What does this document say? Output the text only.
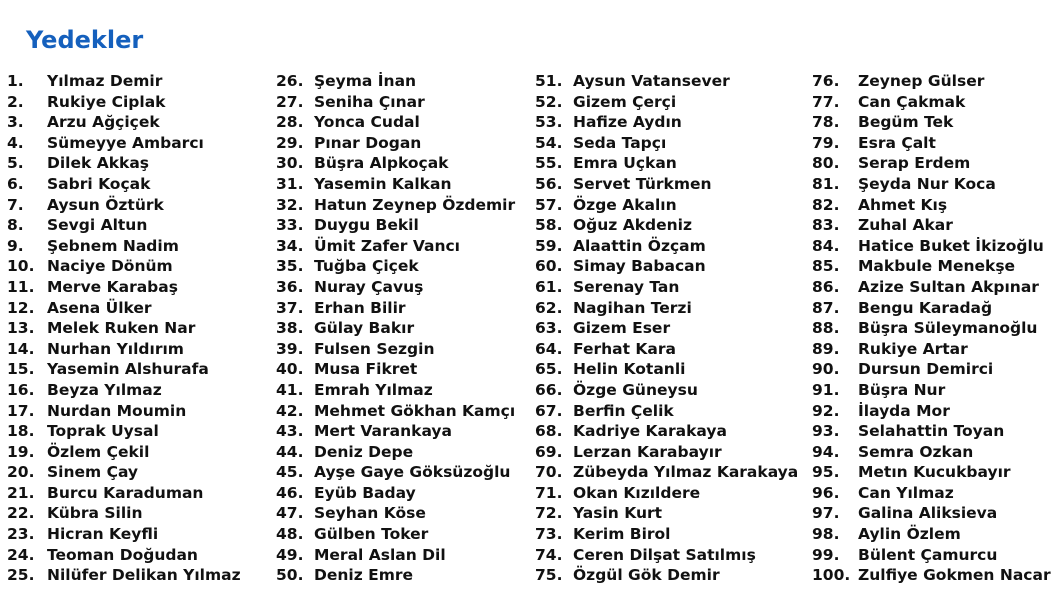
Yedekler
1.	Yılmaz Demir
2.	Rukiye Ciplak
3.	Arzu Ağçiçek
4.	Sümeyye Ambarcı
5.	Dilek Akkaş
6.	Sabri Koçak
7.	Aysun Öztürk
8.	Sevgi Altun
9.	Şebnem Nadim
10. Naciye Dönüm
11. Merve Karabaş
12. Asena Ülker
13. Melek Ruken Nar
14. Nurhan Yıldırım
15. Yasemin Alshurafa
16. Beyza Yılmaz
17. Nurdan Moumin
18. Toprak Uysal
19. Özlem Çekil
20. Sinem Çay
21. Burcu Karaduman
22. Kübra Silin
23. Hicran Keyfli
24. Teoman Doğudan
25. Nilüfer Delikan Yılmaz
26. Şeyma İnan
27. Seniha Çınar
28. Yonca Cudal
29. Pınar Dogan
30. Büşra Alpkoçak
31. Yasemin Kalkan
32. Hatun Zeynep Özdemir
33. Duygu Bekil
34. Ümit Zafer Vancı
35. Tuğba Çiçek
36. Nuray Çavuş
37. Erhan Bilir
38. Gülay Bakır
39. Fulsen Sezgin
40. Musa Fikret
41. Emrah Yılmaz
42. Mehmet Gökhan Kamçı
43. Mert Varankaya
44. Deniz Depe
45. Ayşe Gaye Göksüzoğlu
46. Eyüb Baday
47. Seyhan Köse
48. Gülben Toker
49. Meral Aslan Dil
50. Deniz Emre
51. Aysun Vatansever
52. Gizem Çerçi
53. Hafize Aydın
54. Seda Tapçı
55. Emra Uçkan
56. Servet Türkmen
57. Özge Akalın
58. Oğuz Akdeniz
59. Alaattin Özçam
60. Simay Babacan
61. Serenay Tan
62. Nagihan Terzi
63. Gizem Eser
64. Ferhat Kara
65. Helin Kotanli
66. Özge Güneysu
67. Berfin Çelik
68. Kadriye Karakaya
69. Lerzan Karabayır
70. Zübeyda Yılmaz Karakaya
71. Okan Kızıldere
72. Yasin Kurt
73. Kerim Birol
74. Ceren Dilşat Satılmış
75. Özgül Gök Demir
76.	Zeynep Gülser
77.	Can Çakmak
78.	Begüm Tek
79.	Esra Çalt
80.	Serap Erdem
81.	Şeyda Nur Koca
82.	Ahmet Kış
83.	Zuhal Akar
84.	Hatice Buket İkizoğlu
85.	Makbule Menekşe
86.	Azize Sultan Akpınar
87.	Bengu Karadağ
88.	Büşra Süleymanoğlu
89.	Rukiye Artar
90.	Dursun Demirci
91.	Büşra Nur
92.	İlayda Mor
93.	Selahattin Toyan
94.	Semra Ozkan
95.	Metın Kucukbayır
96.	Can Yılmaz
97.	Galina Aliksieva
98.	Aylin Özlem
99.	Bülent Çamurcu
100. Zulfiye Gokmen Nacar
